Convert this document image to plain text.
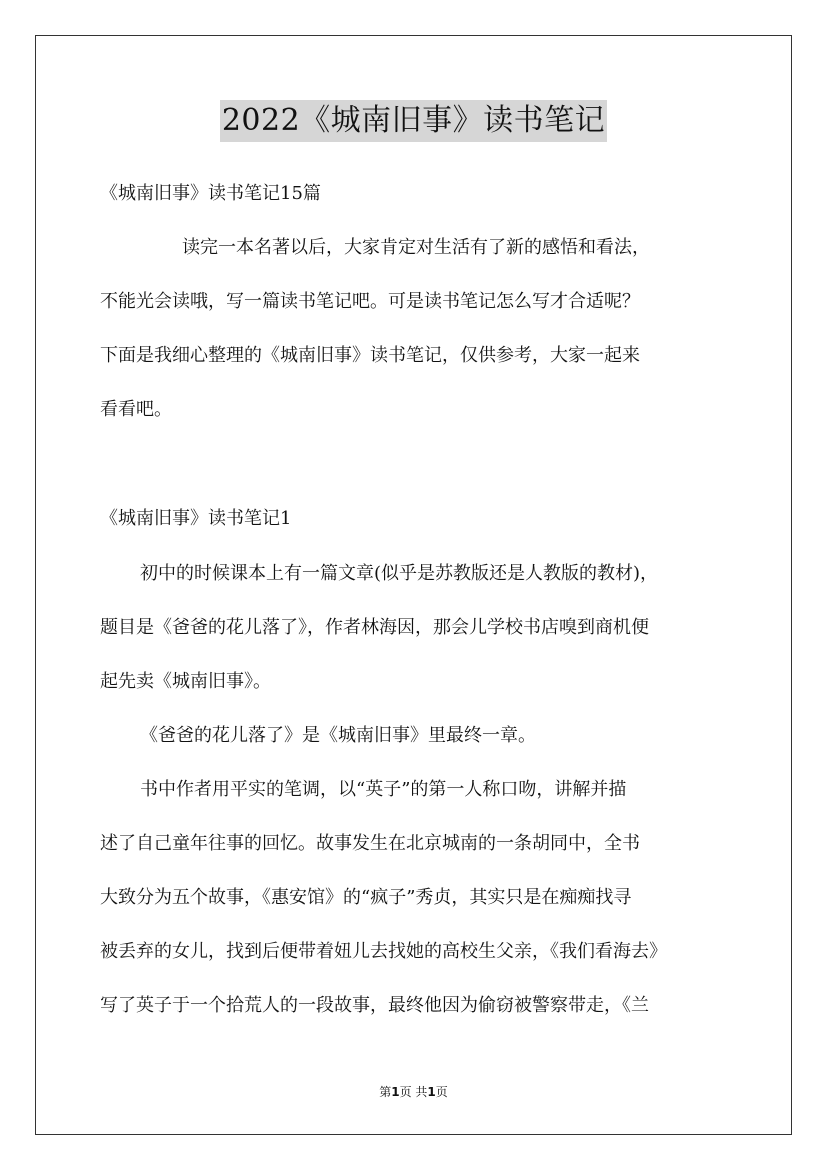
2022《城南旧事》读书笔记
《城南旧事》读书笔记15篇
读完一本名著以后，大家肯定对生活有了新的感悟和看法，
不能光会读哦，写一篇读书笔记吧。可是读书笔记怎么写才合适呢？
下面是我细心整理的《城南旧事》读书笔记，仅供参考，大家一起来
看看吧。
《城南旧事》读书笔记1
初中的时候课本上有一篇文章(似乎是苏教版还是人教版的教材)，
题目是《爸爸的花儿落了》，作者林海因，那会儿学校书店嗅到商机便
起先卖《城南旧事》。
《爸爸的花儿落了》是《城南旧事》里最终一章。
书中作者用平实的笔调，以“英子”的第一人称口吻，讲解并描
述了自己童年往事的回忆。故事发生在北京城南的一条胡同中，全书
大致分为五个故事，《惠安馆》的“疯子”秀贞，其实只是在痴痴找寻
被丢弃的女儿，找到后便带着妞儿去找她的高校生父亲，《我们看海去》
写了英子于一个拾荒人的一段故事，最终他因为偷窃被警察带走，《兰
第1页 共1页
